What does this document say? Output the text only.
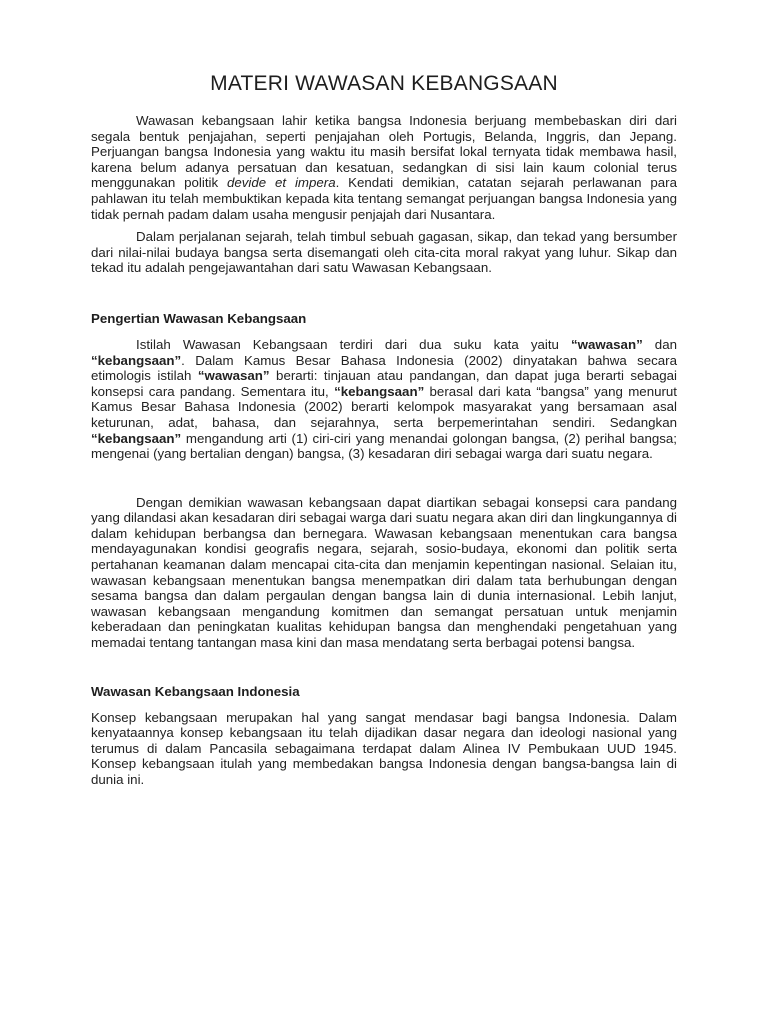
MATERI WAWASAN KEBANGSAAN

Wawasan kebangsaan lahir ketika bangsa Indonesia berjuang membebaskan diri dari segala bentuk penjajahan, seperti penjajahan oleh Portugis, Belanda, Inggris, dan Jepang. Perjuangan bangsa Indonesia yang waktu itu masih bersifat lokal ternyata tidak membawa hasil, karena belum adanya persatuan dan kesatuan, sedangkan di sisi lain kaum colonial terus menggunakan politik devide et impera. Kendati demikian, catatan sejarah perlawanan para pahlawan itu telah membuktikan kepada kita tentang semangat perjuangan bangsa Indonesia yang tidak pernah padam dalam usaha mengusir penjajah dari Nusantara.

Dalam perjalanan sejarah, telah timbul sebuah gagasan, sikap, dan tekad yang bersumber dari nilai-nilai budaya bangsa serta disemangati oleh cita-cita moral rakyat yang luhur. Sikap dan tekad itu adalah pengejawantahan dari satu Wawasan Kebangsaan.

Pengertian Wawasan Kebangsaan

Istilah Wawasan Kebangsaan terdiri dari dua suku kata yaitu “wawasan” dan “kebangsaan”. Dalam Kamus Besar Bahasa Indonesia (2002) dinyatakan bahwa secara etimologis istilah “wawasan” berarti: tinjauan atau pandangan, dan dapat juga berarti sebagai konsepsi cara pandang. Sementara itu, “kebangsaan” berasal dari kata “bangsa” yang menurut Kamus Besar Bahasa Indonesia (2002) berarti kelompok masyarakat yang bersamaan asal keturunan, adat, bahasa, dan sejarahnya, serta berpemerintahan sendiri. Sedangkan “kebangsaan” mengandung arti (1) ciri-ciri yang menandai golongan bangsa, (2) perihal bangsa; mengenai (yang bertalian dengan) bangsa, (3) kesadaran diri sebagai warga dari suatu negara.

Dengan demikian wawasan kebangsaan dapat diartikan sebagai konsepsi cara pandang yang dilandasi akan kesadaran diri sebagai warga dari suatu negara akan diri dan lingkungannya di dalam kehidupan berbangsa dan bernegara. Wawasan kebangsaan menentukan cara bangsa mendayagunakan kondisi geografis negara, sejarah, sosio-budaya, ekonomi dan politik serta pertahanan keamanan dalam mencapai cita-cita dan menjamin kepentingan nasional. Selaian itu, wawasan kebangsaan menentukan bangsa menempatkan diri dalam tata berhubungan dengan sesama bangsa dan dalam pergaulan dengan bangsa lain di dunia internasional. Lebih lanjut, wawasan kebangsaan mengandung komitmen dan semangat persatuan untuk menjamin keberadaan dan peningkatan kualitas kehidupan bangsa dan menghendaki pengetahuan yang memadai tentang tantangan masa kini dan masa mendatang serta berbagai potensi bangsa.

Wawasan Kebangsaan Indonesia

Konsep kebangsaan merupakan hal yang sangat mendasar bagi bangsa Indonesia. Dalam kenyataannya konsep kebangsaan itu telah dijadikan dasar negara dan ideologi nasional yang terumus di dalam Pancasila sebagaimana terdapat dalam Alinea IV Pembukaan UUD 1945. Konsep kebangsaan itulah yang membedakan bangsa Indonesia dengan bangsa-bangsa lain di dunia ini.
